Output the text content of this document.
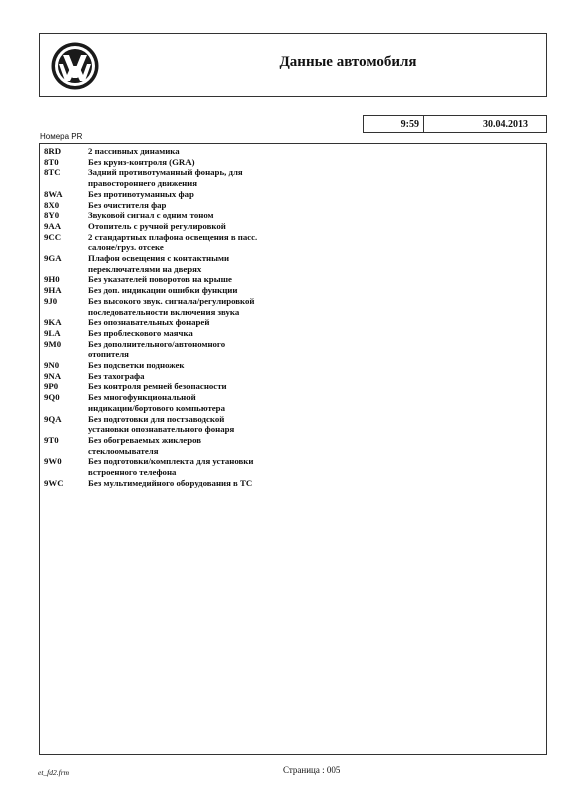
Данные автомобиля
9:59	30.04.2013
Номера PR
8RD	2 пассивных динамика
8T0	Без круиз-контроля (GRA)
8TC	Задний противотуманный фонарь, для
правостороннего движения
8WA	Без противотуманных фар
8X0	Без очистителя фар
8Y0	Звуковой сигнал с одним тоном
9AA	Отопитель с ручной регулировкой
9CC	2 стандартных плафона освещения в пасс.
салоне/груз. отсеке
9GA	Плафон освещения с контактными
переключателями на дверях
9H0	Без указателей поворотов на крыше
9HA	Без доп. индикации ошибки функции
9J0	Без высокого звук. сигнала/регулировкой
последовательности включения звука
9KA	Без опознавательных фонарей
9LA	Без проблескового маячка
9M0	Без дополнительного/автономного
отопителя
9N0	Без подсветки подножек
9NA	Без тахографа
9P0	Без контроля ремней безопасности
9Q0	Без многофункциональной
индикации/бортового компьютера
9QA	Без подготовки для постзаводской
установки опознавательного фонаря
9T0	Без обогреваемых жиклеров
стеклоомывателя
9W0	Без подготовки/комплекта для установки
встроенного телефона
9WC	Без мультимедийного оборудования в ТС
et_fd2.frm	Страница : 005
